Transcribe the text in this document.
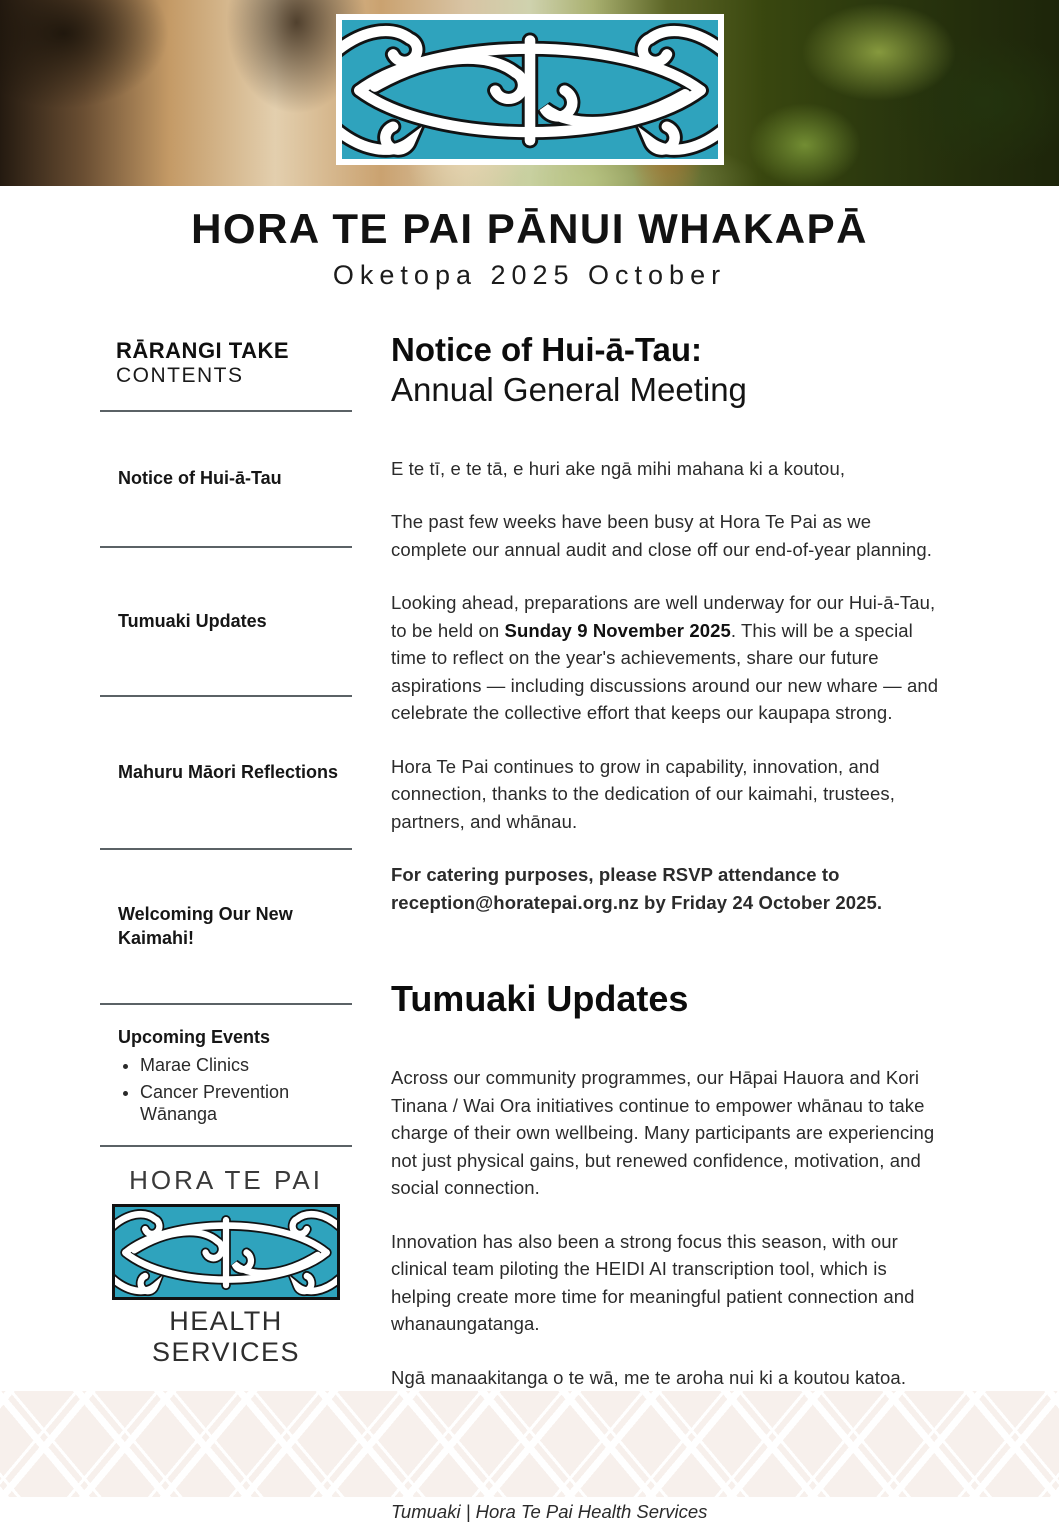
HORA TE PAI PĀNUI WHAKAPĀ
Oketopa 2025 October
RĀRANGI TAKE
CONTENTS
Notice of Hui-ā-Tau
Tumuaki Updates
Mahuru Māori Reflections
Welcoming Our New Kaimahi!
Upcoming Events
• Marae Clinics
• Cancer Prevention Wānanga
HORA TE PAI
HEALTH SERVICES
Notice of Hui-ā-Tau:
Annual General Meeting

E te tī, e te tā, e huri ake ngā mihi mahana ki a koutou,

The past few weeks have been busy at Hora Te Pai as we complete our annual audit and close off our end-of-year planning.

Looking ahead, preparations are well underway for our Hui-ā-Tau, to be held on Sunday 9 November 2025. This will be a special time to reflect on the year's achievements, share our future aspirations — including discussions around our new whare — and celebrate the collective effort that keeps our kaupapa strong.

Hora Te Pai continues to grow in capability, innovation, and connection, thanks to the dedication of our kaimahi, trustees, partners, and whānau.

For catering purposes, please RSVP attendance to reception@horatepai.org.nz by Friday 24 October 2025.

Tumuaki Updates

Across our community programmes, our Hāpai Hauora and Kori Tinana / Wai Ora initiatives continue to empower whānau to take charge of their own wellbeing. Many participants are experiencing not just physical gains, but renewed confidence, motivation, and social connection.

Innovation has also been a strong focus this season, with our clinical team piloting the HEIDI AI transcription tool, which is helping create more time for meaningful patient connection and whanaungatanga.

Ngā manaakitanga o te wā, me te aroha nui ki a koutou katoa.

Tumuaki | Hora Te Pai Health Services
